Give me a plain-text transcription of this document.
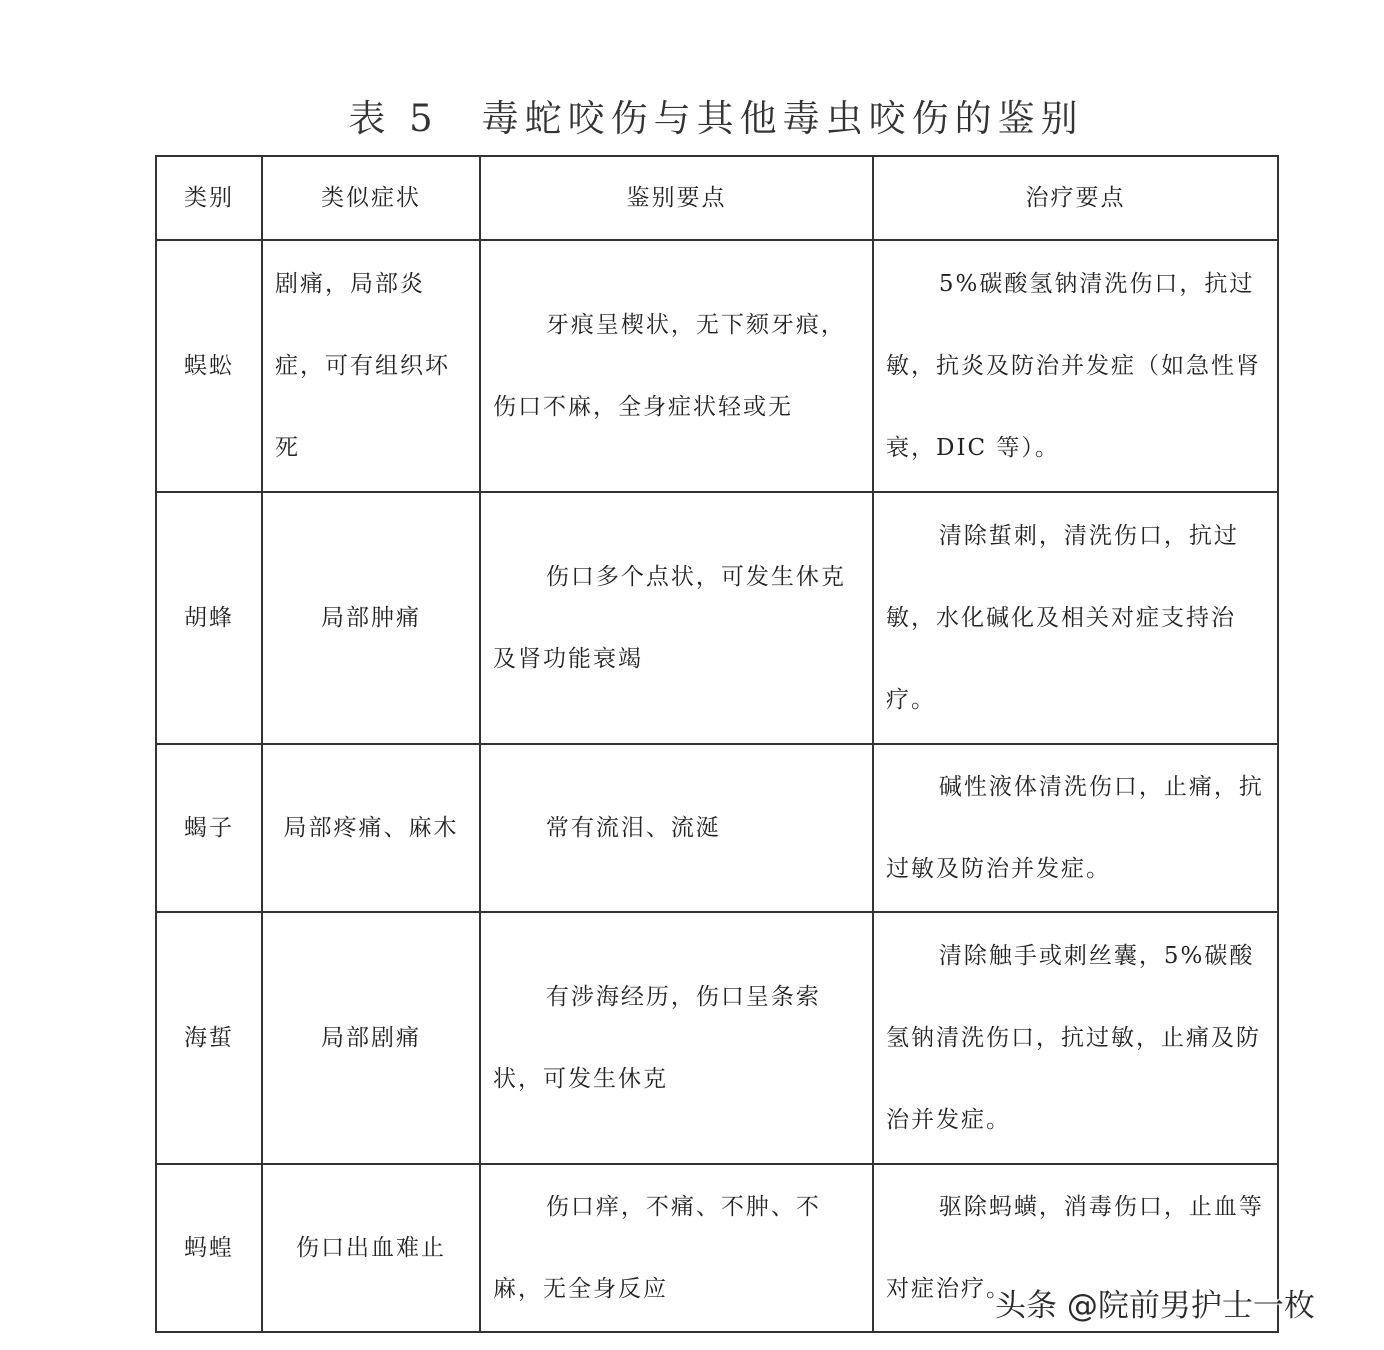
表 5　毒蛇咬伤与其他毒虫咬伤的鉴别
类别	类似症状	鉴别要点	治疗要点
蜈蚣	剧痛，局部炎症，可有组织坏死	牙痕呈楔状，无下颏牙痕，伤口不麻，全身症状轻或无	5%碳酸氢钠清洗伤口，抗过敏，抗炎及防治并发症（如急性肾衰，DIC 等）。
胡蜂	局部肿痛	伤口多个点状，可发生休克及肾功能衰竭	清除蜇刺，清洗伤口，抗过敏，水化碱化及相关对症支持治疗。
蝎子	局部疼痛、麻木	常有流泪、流涎	碱性液体清洗伤口，止痛，抗过敏及防治并发症。
海蜇	局部剧痛	有涉海经历，伤口呈条索状，可发生休克	清除触手或刺丝囊，5%碳酸氢钠清洗伤口，抗过敏，止痛及防治并发症。
蚂蝗	伤口出血难止	伤口痒，不痛、不肿、不麻，无全身反应	驱除蚂蟥，消毒伤口，止血等对症治疗。
头条 @院前男护士一枚
